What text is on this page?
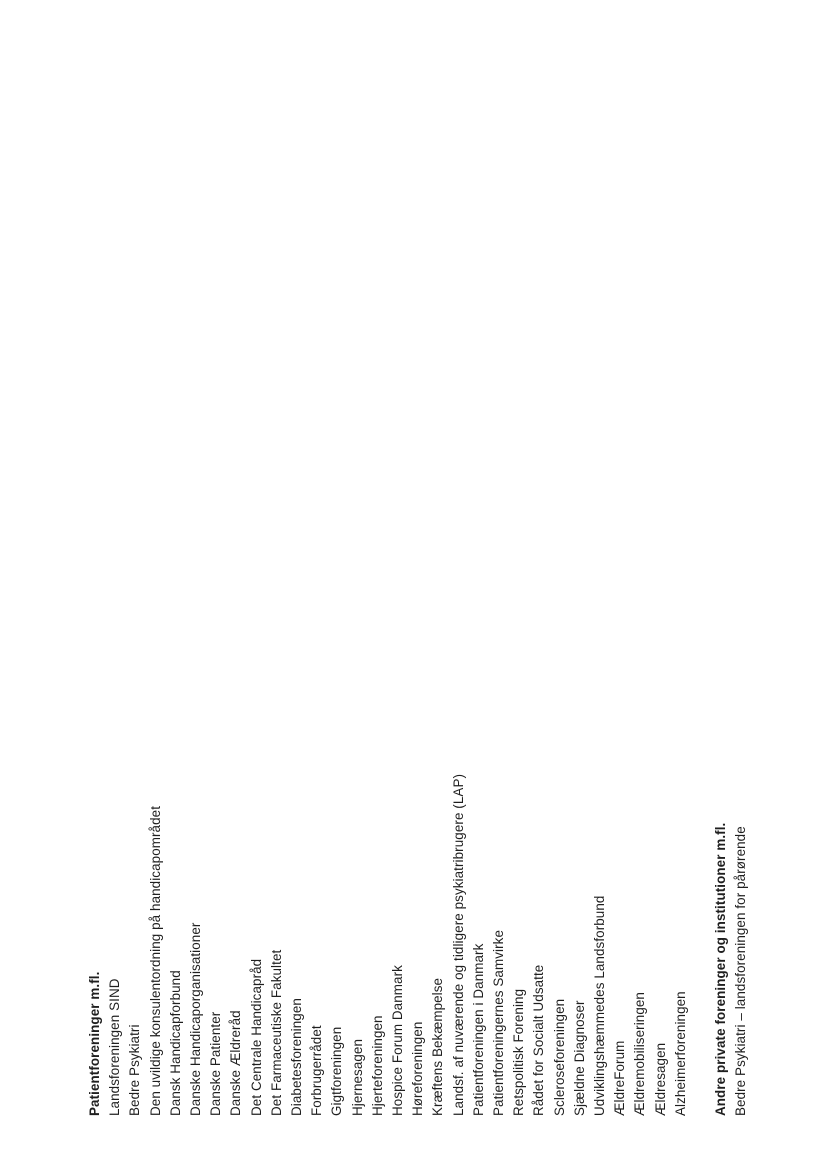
Patientforeninger m.fl. Landsforeningen SIND Bedre Psykiatri Den uvildige konsulentordning på handicapområdet Dansk Handicapforbund Danske Handicaporganisationer Danske Patienter Danske Ældreråd Det Centrale Handicapråd Det Farmaceutiske Fakultet Diabetesforeningen Forbrugerrådet Gigtforeningen Hjernesagen Hjerteforeningen Hospice Forum Danmark Høreforeningen Kræftens Bekæmpelse Landsf. af nuværende og tidligere psykiatribrugere (LAP) Patientforeningen i Danmark Patientforeningernes Samvirke Retspolitisk Forening Rådet for Socialt Udsatte Scleroseforeningen Sjældne Diagnoser Udviklingshæmmedes Landsforbund ÆldreForum Ældremobiliseringen Ældresagen Alzheimerforeningen Andre private foreninger og institutioner m.fl. Bedre Psykiatri – landsforeningen for pårørende
